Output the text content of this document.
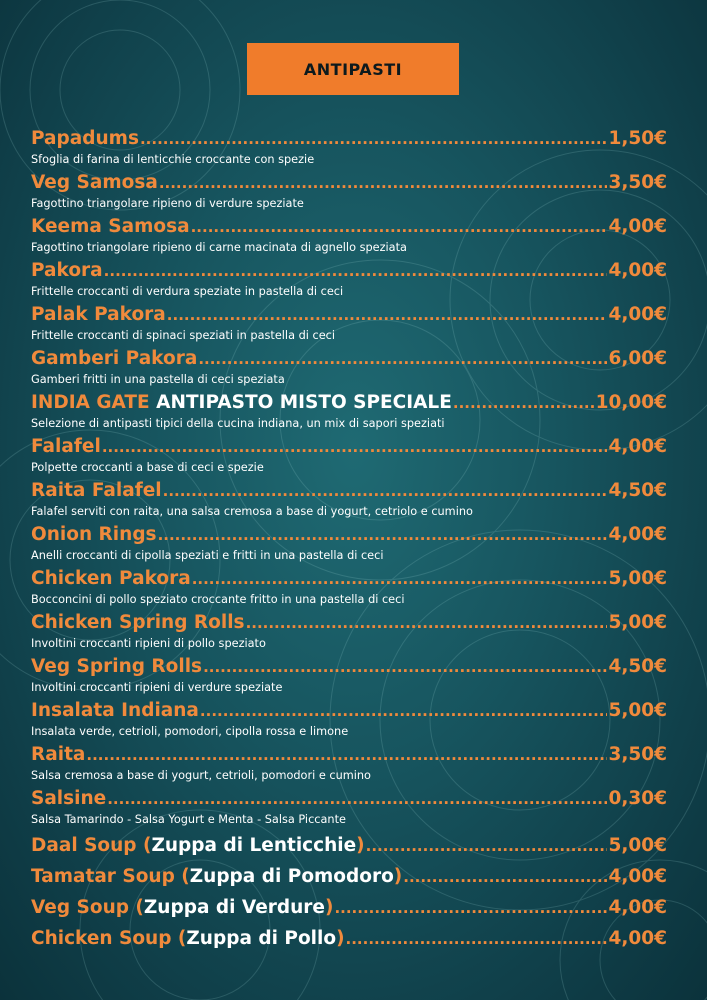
ANTIPASTI
Papadums .....	1,50€
Sfoglia di farina di lenticchie croccante con spezie
Veg Samosa .....	3,50€
Fagottino triangolare ripieno di verdure speziate
Keema Samosa .....	4,00€
Fagottino triangolare ripieno di carne macinata di agnello speziata
Pakora .....	4,00€
Frittelle croccanti di verdura speziate in pastella di ceci
Palak Pakora .....	4,00€
Frittelle croccanti di spinaci speziati in pastella di ceci
Gamberi Pakora .....	6,00€
Gamberi fritti in una pastella di ceci speziata
INDIA GATE ANTIPASTO MISTO SPECIALE .....	10,00€
Selezione di antipasti tipici della cucina indiana, un mix di sapori speziati
Falafel .....	4,00€
Polpette croccanti a base di ceci e spezie
Raita Falafel .....	4,50€
Falafel serviti con raita, una salsa cremosa a base di yogurt, cetriolo e cumino
Onion Rings .....	4,00€
Anelli croccanti di cipolla speziati e fritti in una pastella di ceci
Chicken Pakora .....	5,00€
Bocconcini di pollo speziato croccante fritto in una pastella di ceci
Chicken Spring Rolls .....	5,00€
Involtini croccanti ripieni di pollo speziato
Veg Spring Rolls .....	4,50€
Involtini croccanti ripieni di verdure speziate
Insalata Indiana .....	5,00€
Insalata verde, cetrioli, pomodori, cipolla rossa e limone
Raita .....	3,50€
Salsa cremosa a base di yogurt, cetrioli, pomodori e cumino
Salsine .....	0,30€
Salsa Tamarindo - Salsa Yogurt e Menta - Salsa Piccante
Daal Soup (Zuppa di Lenticchie) .....	5,00€
Tamatar Soup (Zuppa di Pomodoro) .....	4,00€
Veg Soup (Zuppa di Verdure) .....	4,00€
Chicken Soup (Zuppa di Pollo) .....	4,00€
